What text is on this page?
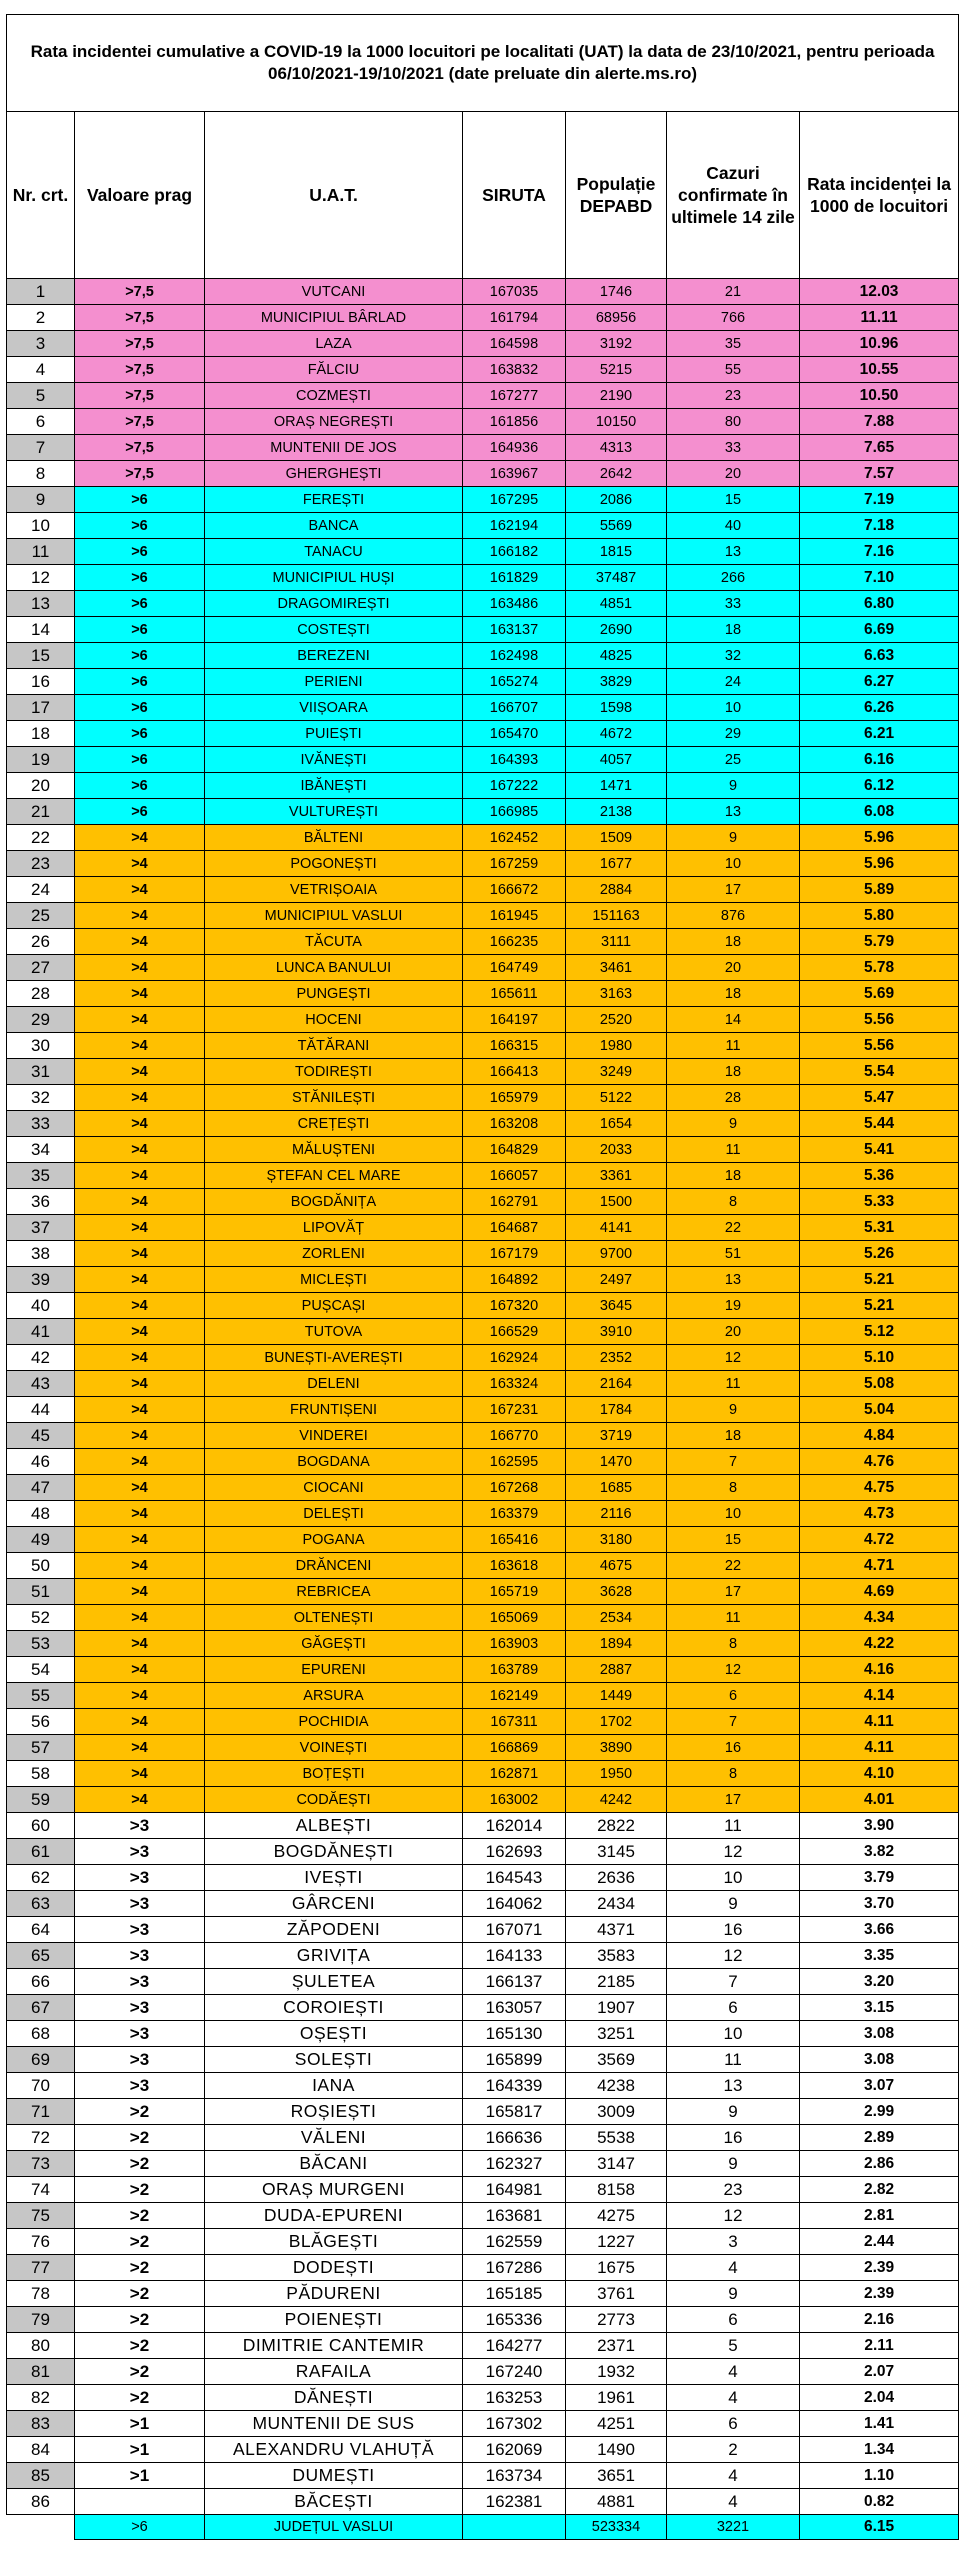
Rata incidentei cumulative a COVID-19 la 1000 locuitori pe localitati (UAT) la data de 23/10/2021, pentru perioada 06/10/2021-19/10/2021 (date preluate din alerte.ms.ro)						
Nr. crt.	Valoare prag	U.A.T.	SIRUTA	Populație DEPABD	Cazuri confirmate în ultimele 14 zile	Rata incidenței la 1000 de locuitori
1	>7,5	VUTCANI	167035	1746	21	12.03
2	>7,5	MUNICIPIUL BÂRLAD	161794	68956	766	11.11
3	>7,5	LAZA	164598	3192	35	10.96
4	>7,5	FĂLCIU	163832	5215	55	10.55
5	>7,5	COZMEȘTI	167277	2190	23	10.50
6	>7,5	ORAȘ NEGREȘTI	161856	10150	80	7.88
7	>7,5	MUNTENII DE JOS	164936	4313	33	7.65
8	>7,5	GHERGHEȘTI	163967	2642	20	7.57
9	>6	FEREȘTI	167295	2086	15	7.19
10	>6	BANCA	162194	5569	40	7.18
11	>6	TANACU	166182	1815	13	7.16
12	>6	MUNICIPIUL HUȘI	161829	37487	266	7.10
13	>6	DRAGOMIREȘTI	163486	4851	33	6.80
14	>6	COSTEȘTI	163137	2690	18	6.69
15	>6	BEREZENI	162498	4825	32	6.63
16	>6	PERIENI	165274	3829	24	6.27
17	>6	VIIȘOARA	166707	1598	10	6.26
18	>6	PUIEȘTI	165470	4672	29	6.21
19	>6	IVĂNEȘTI	164393	4057	25	6.16
20	>6	IBĂNEȘTI	167222	1471	9	6.12
21	>6	VULTUREȘTI	166985	2138	13	6.08
22	>4	BĂLTENI	162452	1509	9	5.96
23	>4	POGONEȘTI	167259	1677	10	5.96
24	>4	VETRIȘOAIA	166672	2884	17	5.89
25	>4	MUNICIPIUL VASLUI	161945	151163	876	5.80
26	>4	TĂCUTA	166235	3111	18	5.79
27	>4	LUNCA BANULUI	164749	3461	20	5.78
28	>4	PUNGEȘTI	165611	3163	18	5.69
29	>4	HOCENI	164197	2520	14	5.56
30	>4	TĂTĂRANI	166315	1980	11	5.56
31	>4	TODIREȘTI	166413	3249	18	5.54
32	>4	STĂNILEȘTI	165979	5122	28	5.47
33	>4	CREȚEȘTI	163208	1654	9	5.44
34	>4	MĂLUȘTENI	164829	2033	11	5.41
35	>4	ȘTEFAN CEL MARE	166057	3361	18	5.36
36	>4	BOGDĂNIȚA	162791	1500	8	5.33
37	>4	LIPOVĂȚ	164687	4141	22	5.31
38	>4	ZORLENI	167179	9700	51	5.26
39	>4	MICLEȘTI	164892	2497	13	5.21
40	>4	PUȘCAȘI	167320	3645	19	5.21
41	>4	TUTOVA	166529	3910	20	5.12
42	>4	BUNEȘTI-AVEREȘTI	162924	2352	12	5.10
43	>4	DELENI	163324	2164	11	5.08
44	>4	FRUNTIȘENI	167231	1784	9	5.04
45	>4	VINDERЕI	166770	3719	18	4.84
46	>4	BOGDANA	162595	1470	7	4.76
47	>4	CIOCANI	167268	1685	8	4.75
48	>4	DELEȘTI	163379	2116	10	4.73
49	>4	POGANA	165416	3180	15	4.72
50	>4	DRĂNCENI	163618	4675	22	4.71
51	>4	REBRICEA	165719	3628	17	4.69
52	>4	OLTENEȘTI	165069	2534	11	4.34
53	>4	GĂGEȘTI	163903	1894	8	4.22
54	>4	EPURENI	163789	2887	12	4.16
55	>4	ARSURA	162149	1449	6	4.14
56	>4	POCHIDIA	167311	1702	7	4.11
57	>4	VOINEȘTI	166869	3890	16	4.11
58	>4	BOȚEȘTI	162871	1950	8	4.10
59	>4	CODĂEȘTI	163002	4242	17	4.01
60	>3	ALBEȘTI	162014	2822	11	3.90
61	>3	BOGDĂNEȘTI	162693	3145	12	3.82
62	>3	IVEȘTI	164543	2636	10	3.79
63	>3	GÂRCENI	164062	2434	9	3.70
64	>3	ZĂPODENI	167071	4371	16	3.66
65	>3	GRIVIȚA	164133	3583	12	3.35
66	>3	ȘULETEA	166137	2185	7	3.20
67	>3	COROIEȘTI	163057	1907	6	3.15
68	>3	OȘEȘTI	165130	3251	10	3.08
69	>3	SOLEȘTI	165899	3569	11	3.08
70	>3	IANA	164339	4238	13	3.07
71	>2	ROȘIEȘTI	165817	3009	9	2.99
72	>2	VĂLENI	166636	5538	16	2.89
73	>2	BĂCANI	162327	3147	9	2.86
74	>2	ORAȘ MURGENI	164981	8158	23	2.82
75	>2	DUDA-EPURENI	163681	4275	12	2.81
76	>2	BLĂGEȘTI	162559	1227	3	2.44
77	>2	DODEȘTI	167286	1675	4	2.39
78	>2	PĂDURENI	165185	3761	9	2.39
79	>2	POIENEȘTI	165336	2773	6	2.16
80	>2	DIMITRIE CANTEMIR	164277	2371	5	2.11
81	>2	RAFAILA	167240	1932	4	2.07
82	>2	DĂNEȘTI	163253	1961	4	2.04
83	>1	MUNTENII DE SUS	167302	4251	6	1.41
84	>1	ALEXANDRU VLAHUȚĂ	162069	1490	2	1.34
85	>1	DUMEȘTI	163734	3651	4	1.10
86		BĂCEȘTI	162381	4881	4	0.82
	>6	JUDEȚUL VASLUI		523334	3221	6.15
